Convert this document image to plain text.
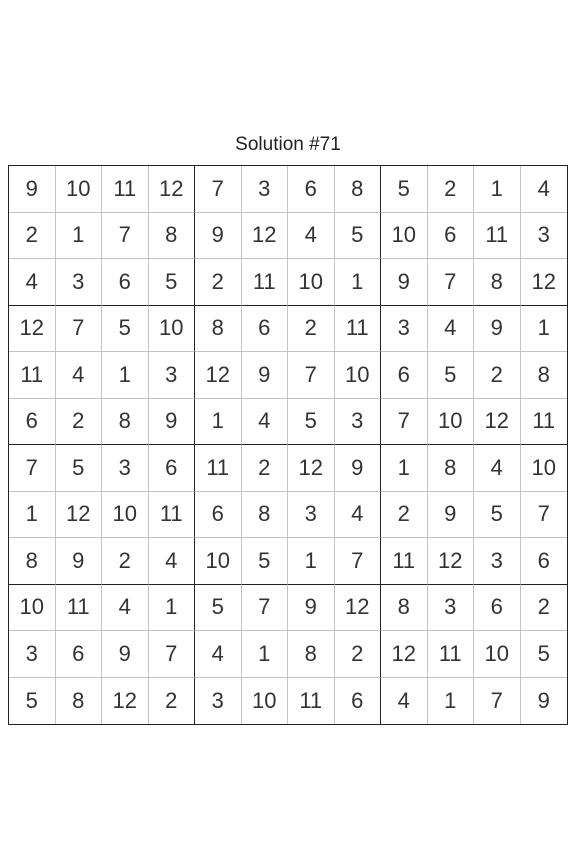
Solution #71
9	10	11	12	7	3	6	8	5	2	1	4
2	1	7	8	9	12	4	5	10	6	11	3
4	3	6	5	2	11	10	1	9	7	8	12
12	7	5	10	8	6	2	11	3	4	9	1
11	4	1	3	12	9	7	10	6	5	2	8
6	2	8	9	1	4	5	3	7	10	12	11
7	5	3	6	11	2	12	9	1	8	4	10
1	12	10	11	6	8	3	4	2	9	5	7
8	9	2	4	10	5	1	7	11	12	3	6
10	11	4	1	5	7	9	12	8	3	6	2
3	6	9	7	4	1	8	2	12	11	10	5
5	8	12	2	3	10	11	6	4	1	7	9
